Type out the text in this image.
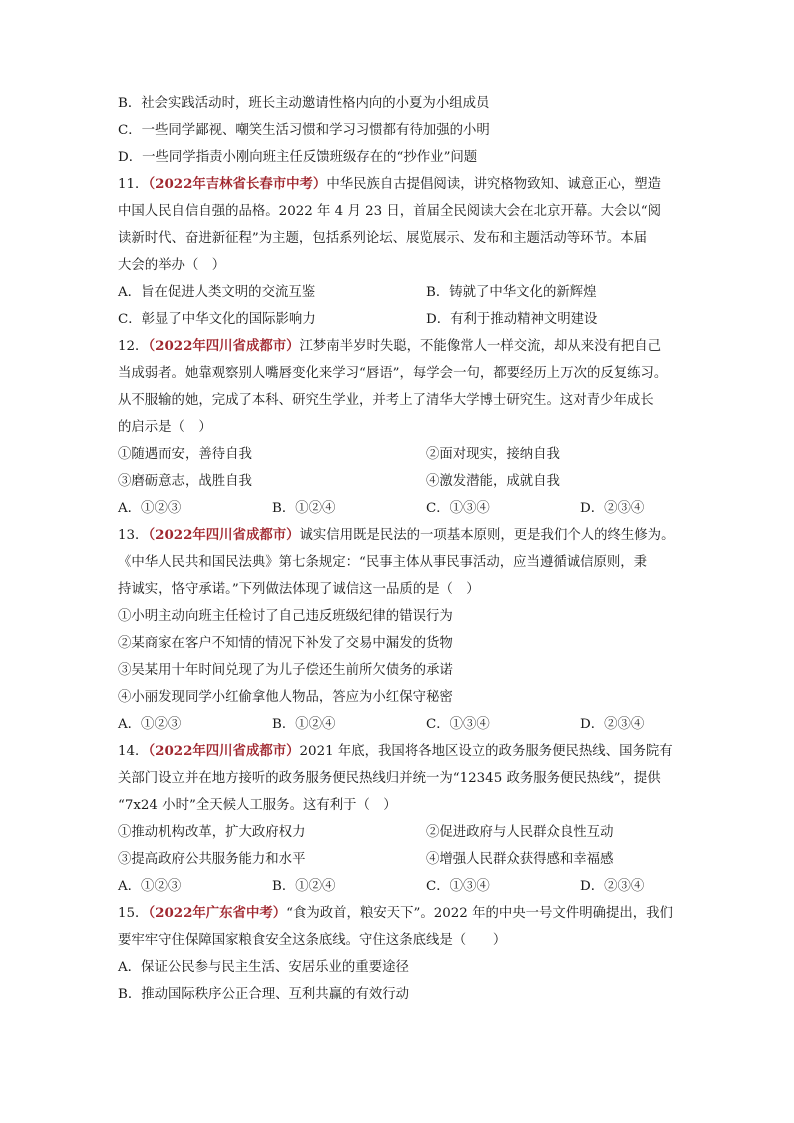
B．社会实践活动时，班长主动邀请性格内向的小夏为小组成员
C．一些同学鄙视、嘲笑生活习惯和学习习惯都有待加强的小明
D．一些同学指责小刚向班主任反馈班级存在的“抄作业”问题
11．（2022年吉林省长春市中考）中华民族自古提倡阅读，讲究格物致知、诚意正心，塑造
中国人民自信自强的品格。2022 年 4 月 23 日，首届全民阅读大会在北京开幕。大会以“阅
读新时代、奋进新征程”为主题，包括系列论坛、展览展示、发布和主题活动等环节。本届
大会的举办（　）
A．旨在促进人类文明的交流互鉴	B．铸就了中华文化的新辉煌
C．彰显了中华文化的国际影响力	D．有利于推动精神文明建设
12．（2022年四川省成都市）江梦南半岁时失聪，不能像常人一样交流，却从来没有把自己
当成弱者。她靠观察别人嘴唇变化来学习“唇语”，每学会一句，都要经历上万次的反复练习。
从不服输的她，完成了本科、研究生学业，并考上了清华大学博士研究生。这对青少年成长
的启示是（　）
①随遇而安，善待自我	②面对现实，接纳自我
③磨砺意志，战胜自我	④激发潜能，成就自我
A．①②③	B．①②④	C．①③④	D．②③④
13．（2022年四川省成都市）诚实信用既是民法的一项基本原则，更是我们个人的终生修为。
《中华人民共和国民法典》第七条规定：“民事主体从事民事活动，应当遵循诚信原则，秉
持诚实，恪守承诺。”下列做法体现了诚信这一品质的是（　）
①小明主动向班主任检讨了自己违反班级纪律的错误行为
②某商家在客户不知情的情况下补发了交易中漏发的货物
③吴某用十年时间兑现了为儿子偿还生前所欠债务的承诺
④小丽发现同学小红偷拿他人物品，答应为小红保守秘密
A．①②③	B．①②④	C．①③④	D．②③④
14．（2022年四川省成都市）2021 年底，我国将各地区设立的政务服务便民热线、国务院有
关部门设立并在地方接听的政务服务便民热线归并统一为“12345 政务服务便民热线”，提供
“7x24 小时”全天候人工服务。这有利于（　）
①推动机构改革，扩大政府权力	②促进政府与人民群众良性互动
③提高政府公共服务能力和水平	④增强人民群众获得感和幸福感
A．①②③	B．①②④	C．①③④	D．②③④
15．（2022年广东省中考）“食为政首，粮安天下”。2022 年的中央一号文件明确提出，我们
要牢牢守住保障国家粮食安全这条底线。守住这条底线是（　　）
A．保证公民参与民主生活、安居乐业的重要途径
B．推动国际秩序公正合理、互利共赢的有效行动
